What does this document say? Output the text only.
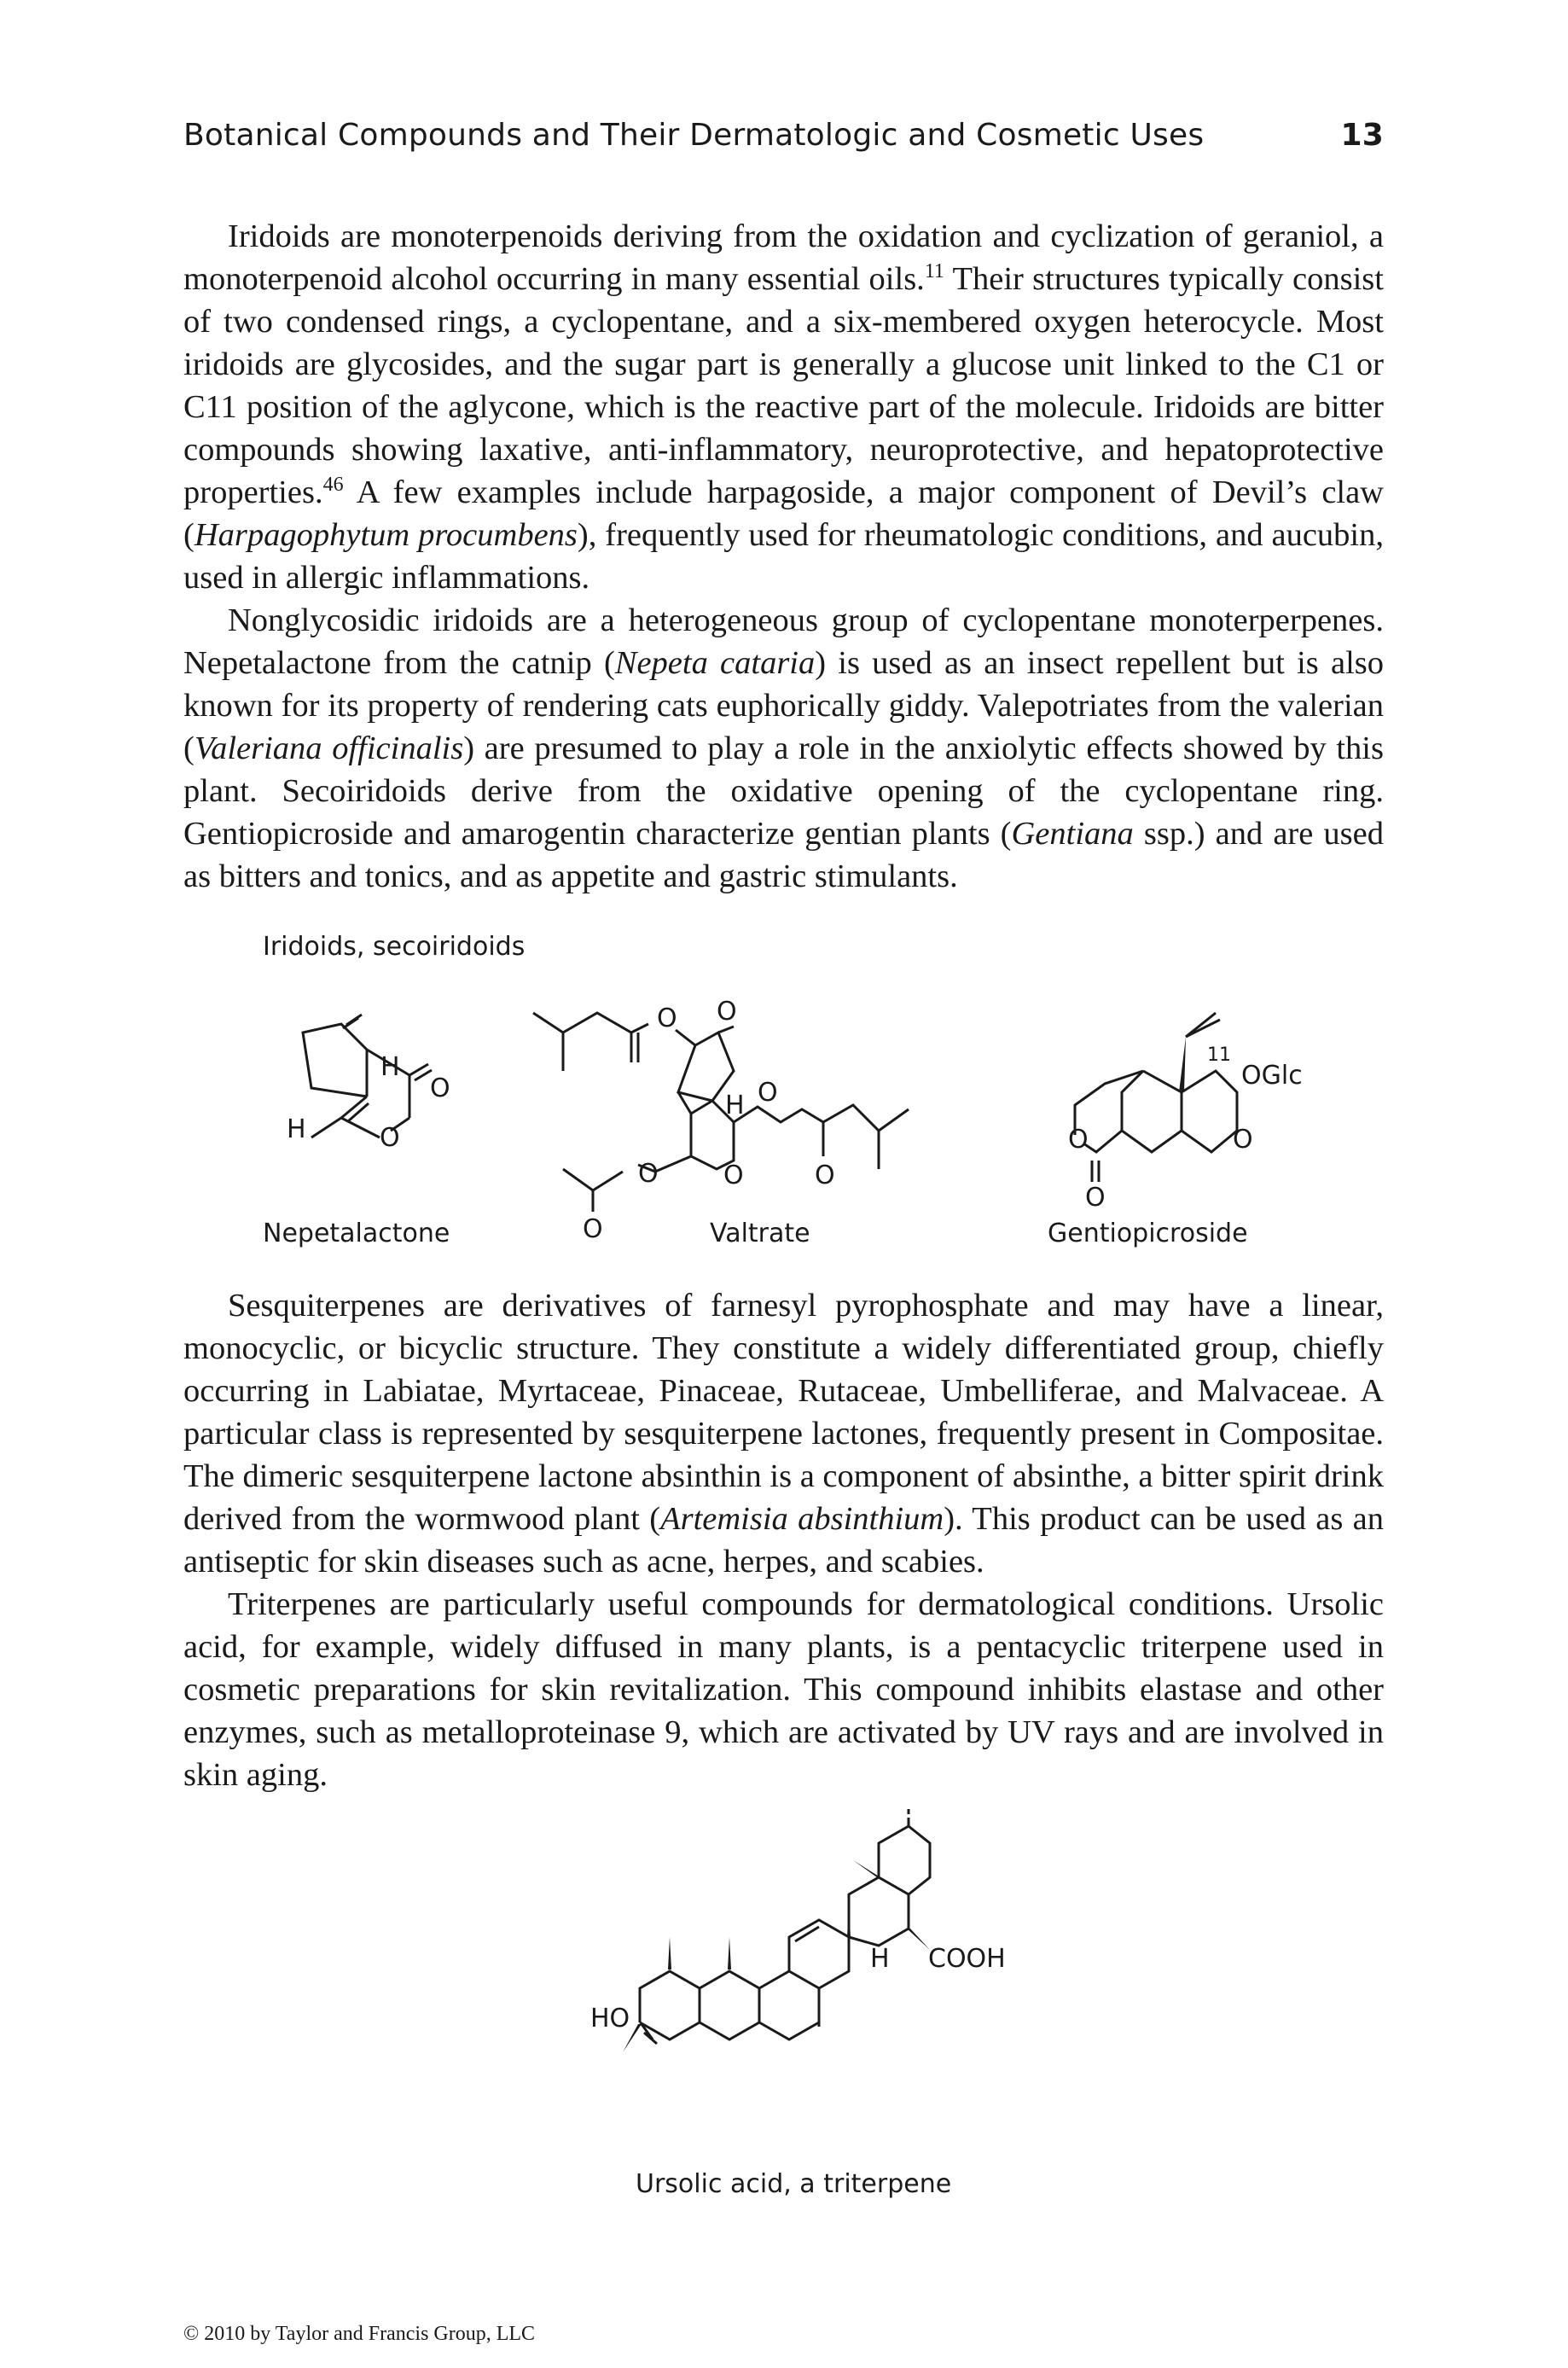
Botanical Compounds and Their Dermatologic and Cosmetic Uses	13

Iridoids are monoterpenoids deriving from the oxidation and cyclization of geraniol, a monoterpenoid alcohol occurring in many essential oils.$^{11}$ Their structures typically consist of two condensed rings, a cyclopentane, and a six-membered oxygen heterocycle. Most iridoids are glycosides, and the sugar part is generally a glucose unit linked to the C1 or C11 position of the aglycone, which is the reactive part of the molecule. Iridoids are bitter compounds showing laxative, anti-inflammatory, neuroprotective, and hepatoprotective properties.$^{46}$ A few examples include harpagoside, a major component of Devil’s claw (Harpagophytum procumbens), frequently used for rheumatologic conditions, and aucubin, used in allergic inflammations.

Nonglycosidic iridoids are a heterogeneous group of cyclopentane monoterperpenes. Nepetalactone from the catnip (Nepeta cataria) is used as an insect repellent but is also known for its property of rendering cats euphorically giddy. Valepotriates from the valerian (Valeriana officinalis) are presumed to play a role in the anxiolytic effects showed by this plant. Secoiridoids derive from the oxidative opening of the cyclopentane ring. Gentiopicroside and amarogentin characterize gentian plants (Gentiana ssp.) and are used as bitters and tonics, and as appetite and gastric stimulants.

Iridoids, secoiridoids
H
H
O
O
Nepetalactone
O O
H O
O
O
O
O	Valtrate
O
O
O
11
OGlc
Gentiopicroside

Sesquiterpenes are derivatives of farnesyl pyrophosphate and may have a linear, monocyclic, or bicyclic structure. They constitute a widely differentiated group, chiefly occurring in Labiatae, Myrtaceae, Pinaceae, Rutaceae, Umbelliferae, and Malvaceae. A particular class is represented by sesquiterpene lactones, frequently present in Compositae. The dimeric sesquiterpene lactone absinthin is a component of absinthe, a bitter spirit drink derived from the wormwood plant (Artemisia absinthium). This product can be used as an antiseptic for skin diseases such as acne, herpes, and scabies.

Triterpenes are particularly useful compounds for dermatological conditions. Ursolic acid, for example, widely diffused in many plants, is a pentacyclic triterpene used in cosmetic preparations for skin revitalization. This compound inhibits elastase and other enzymes, such as metalloproteinase 9, which are activated by UV rays and are involved in skin aging.

HO
H COOH
Ursolic acid, a triterpene
© 2010 by Taylor and Francis Group, LLC
